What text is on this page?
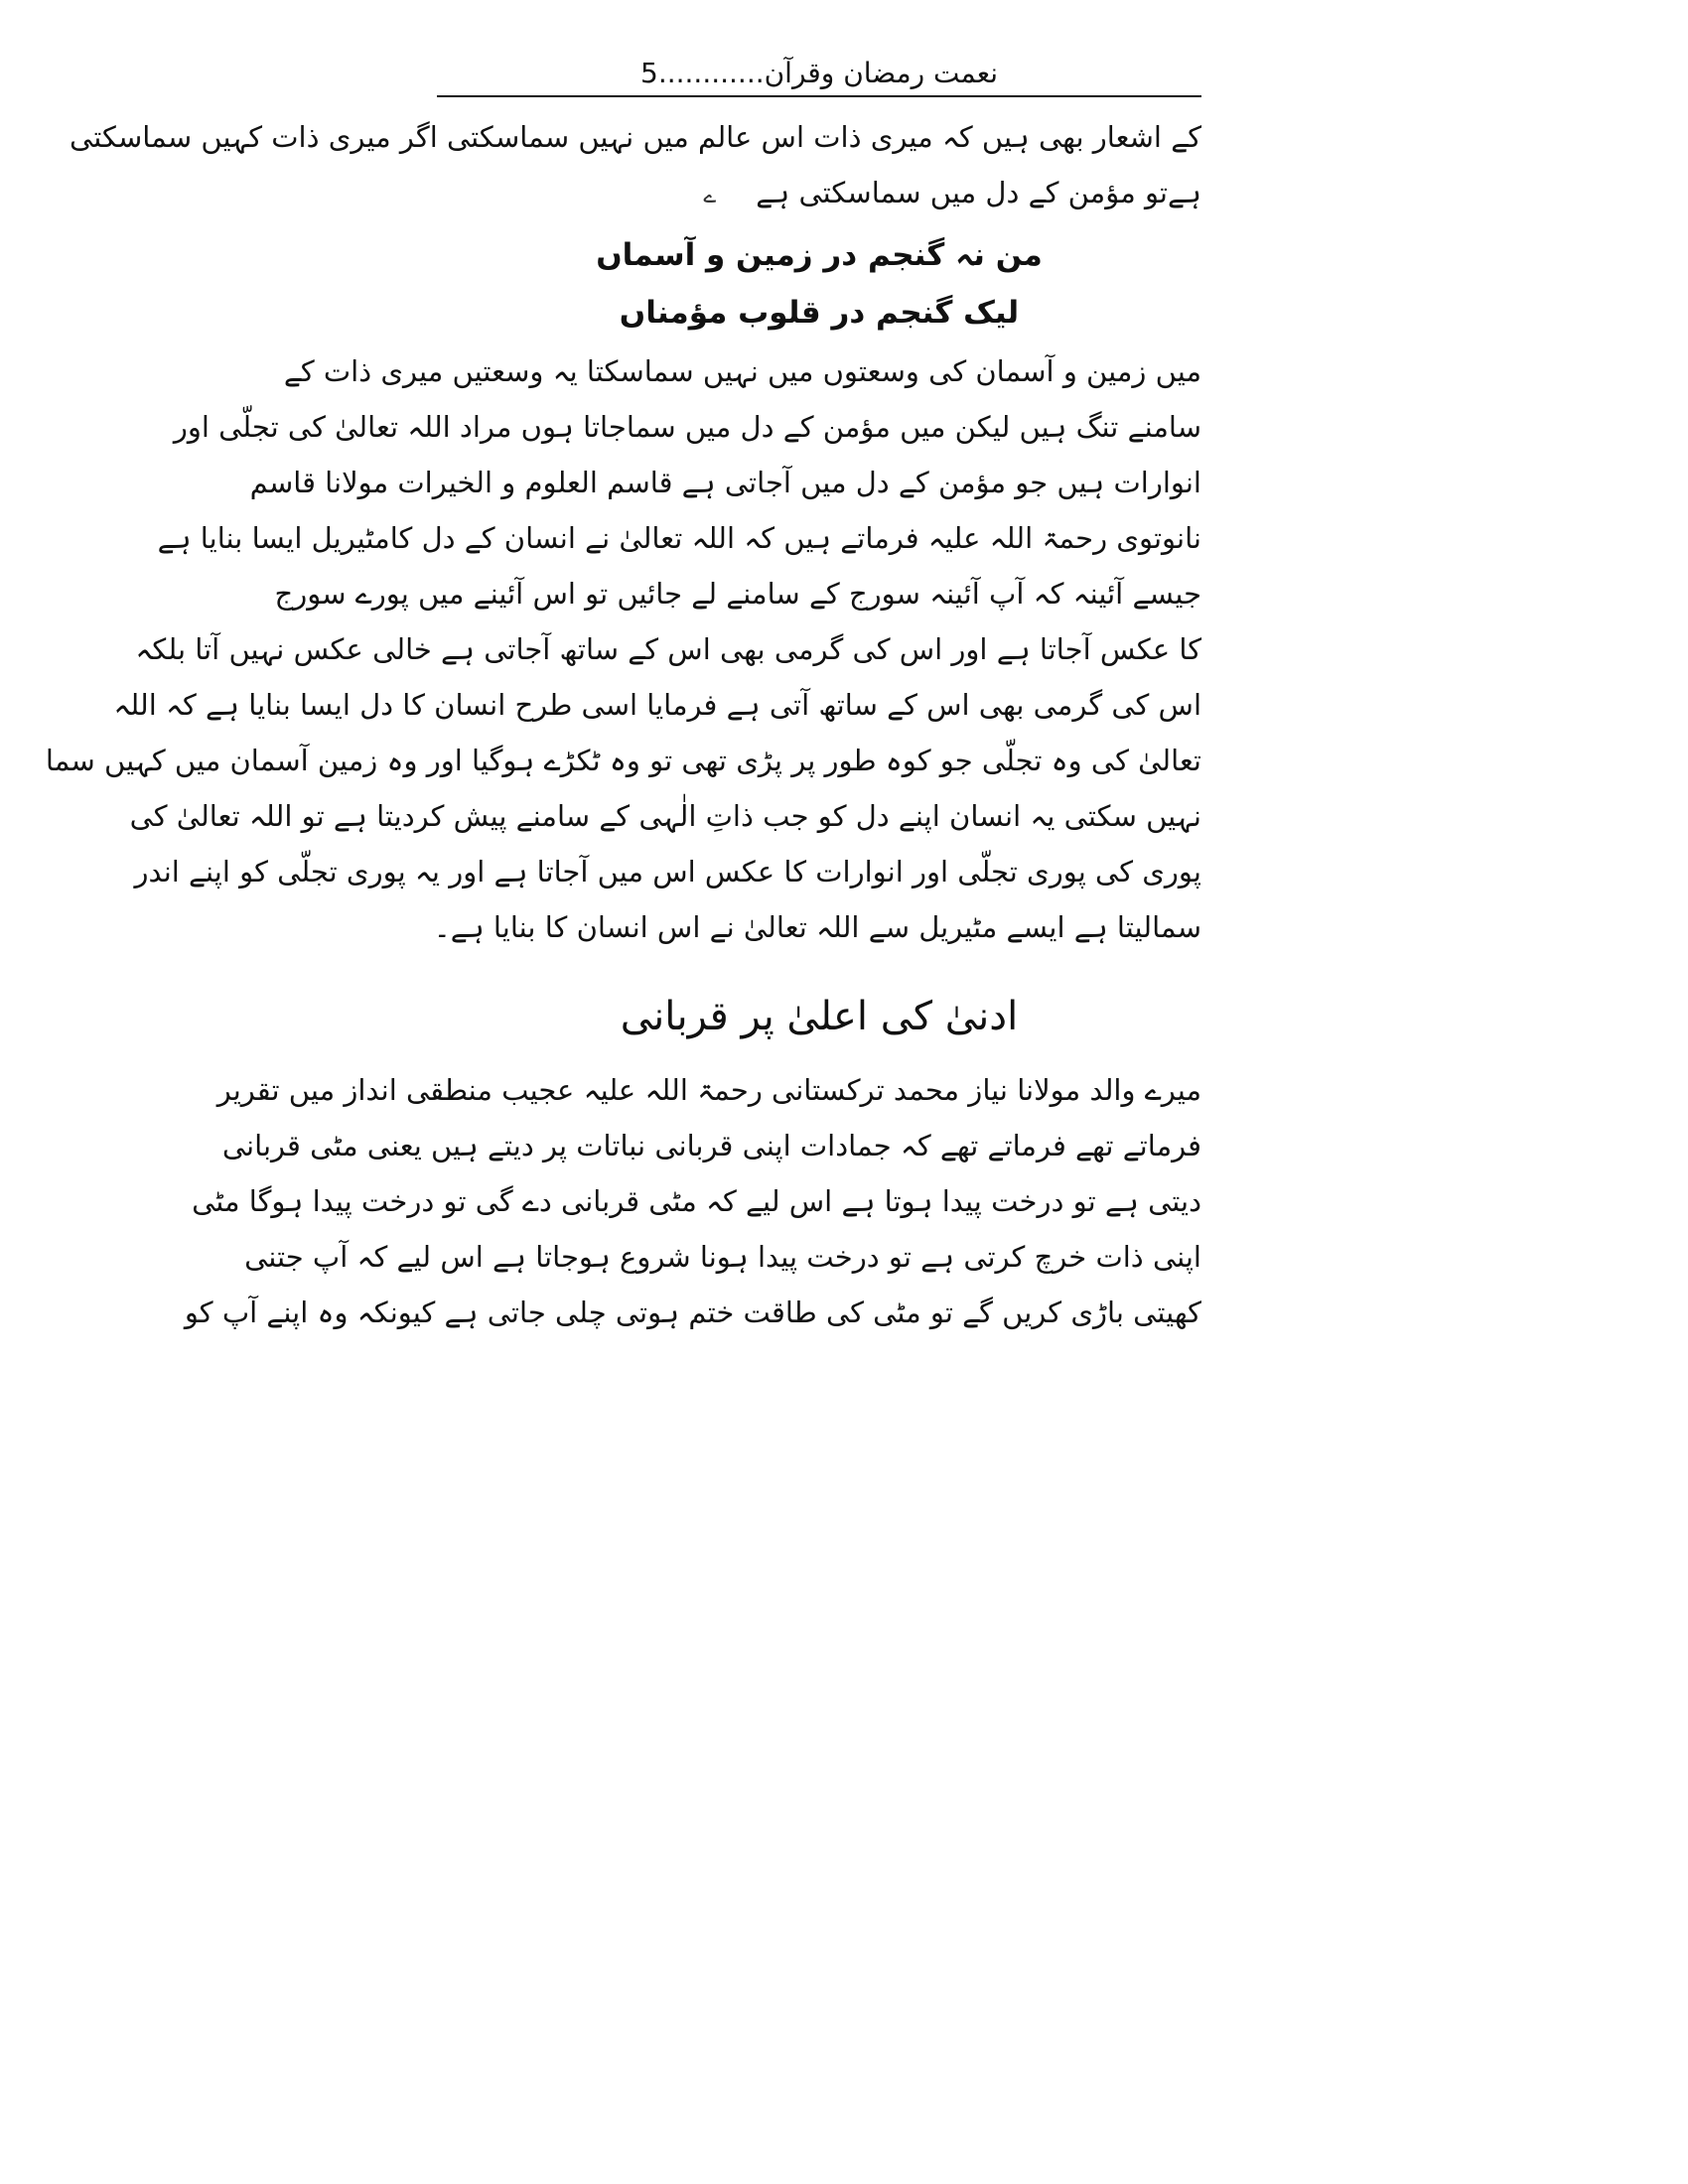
نعمت رمضان وقرآن............5
کے اشعار بھی ہیں کہ میری ذات اس عالم میں نہیں سماسکتی اگر میری ذات کہیں سماسکتی
ہےتو مؤمن کے دل میں سماسکتی ہےے
من نہ گنجم در زمین و آسماں
لیک گنجم در قلوب مؤمناں
میں زمین و آسمان کی وسعتوں میں نہیں سماسکتا یہ وسعتیں میری ذات کے
سامنے تنگ ہیں لیکن میں مؤمن کے دل میں سماجاتا ہوں مراد اللہ تعالیٰ کی تجلّی اور
انوارات ہیں جو مؤمن کے دل میں آجاتی ہے قاسم العلوم و الخیرات مولانا قاسم
نانوتوی رحمۃ اللہ علیہ فرماتے ہیں کہ اللہ تعالیٰ نے انسان کے دل کامٹیریل ایسا بنایا ہے
جیسے آئینہ کہ آپ آئینہ سورج کے سامنے لے جائیں تو اس آئینے میں پورے سورج
کا عکس آجاتا ہے اور اس کی گرمی بھی اس کے ساتھ آجاتی ہے خالی عکس نہیں آتا بلکہ
اس کی گرمی بھی اس کے ساتھ آتی ہے فرمایا اسی طرح انسان کا دل ایسا بنایا ہے کہ اللہ
تعالیٰ کی وہ تجلّی جو کوہ طور پر پڑی تھی تو وہ ٹکڑے ہوگیا اور وہ زمین آسمان میں کہیں سما
نہیں سکتی یہ انسان اپنے دل کو جب ذاتِ الٰہی کے سامنے پیش کردیتا ہے تو اللہ تعالیٰ کی
پوری کی پوری تجلّی اور انوارات کا عکس اس میں آجاتا ہے اور یہ پوری تجلّی کو اپنے اندر
سمالیتا ہے ایسے مٹیریل سے اللہ تعالیٰ نے اس انسان کا بنایا ہے۔
ادنیٰ کی اعلیٰ پر قربانی
میرے والد مولانا نیاز محمد ترکستانی رحمۃ اللہ علیہ عجیب منطقی انداز میں تقریر
فرماتے تھے فرماتے تھے کہ جمادات اپنی قربانی نباتات پر دیتے ہیں یعنی مٹی قربانی
دیتی ہے تو درخت پیدا ہوتا ہے اس لیے کہ مٹی قربانی دے گی تو درخت پیدا ہوگا مٹی
اپنی ذات خرچ کرتی ہے تو درخت پیدا ہونا شروع ہوجاتا ہے اس لیے کہ آپ جتنی
کھیتی باڑی کریں گے تو مٹی کی طاقت ختم ہوتی چلی جاتی ہے کیونکہ وہ اپنے آپ کو
